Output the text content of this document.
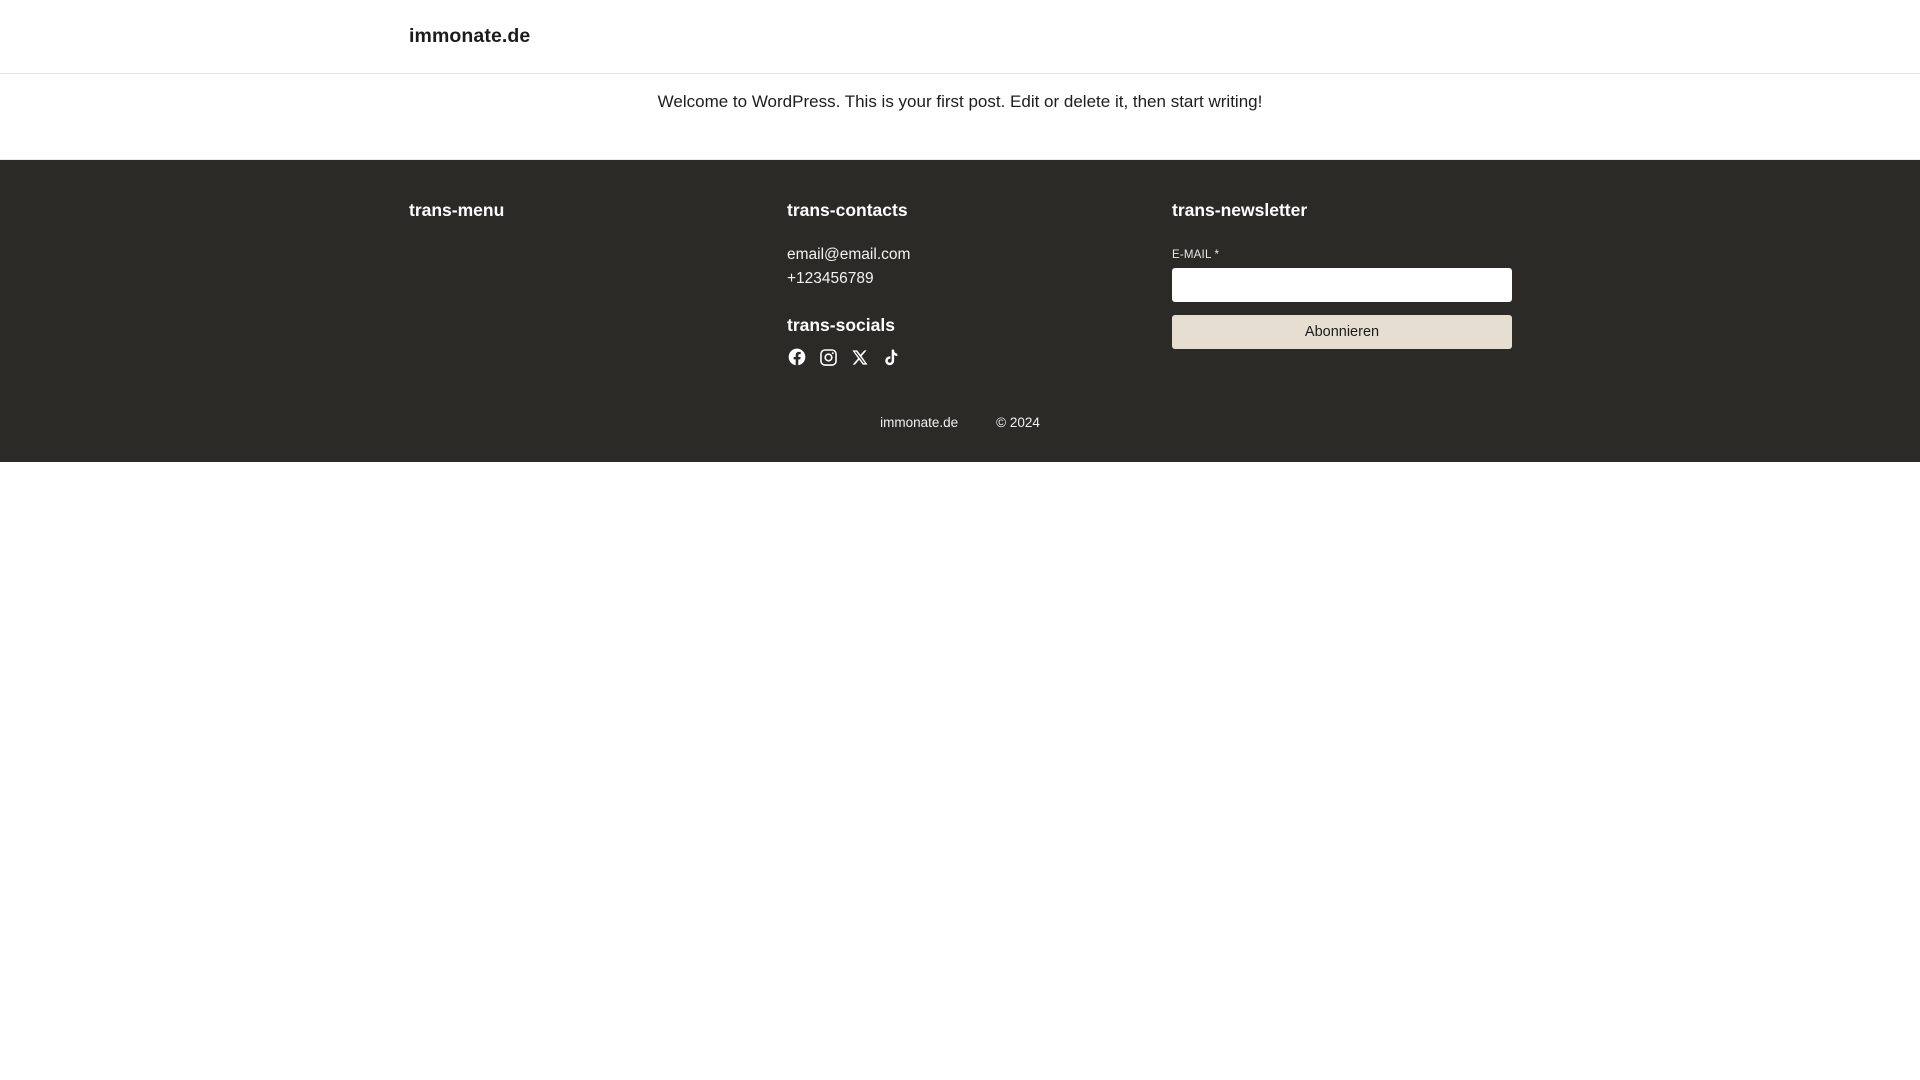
immonate.de

Welcome to WordPress. This is your first post. Edit or delete it, then start writing!

trans-menu	trans-contacts
email@email.com
+123456789
trans-socials
trans-newsletter
E-MAIL *
Abonnieren
immonate.de	© 2024
